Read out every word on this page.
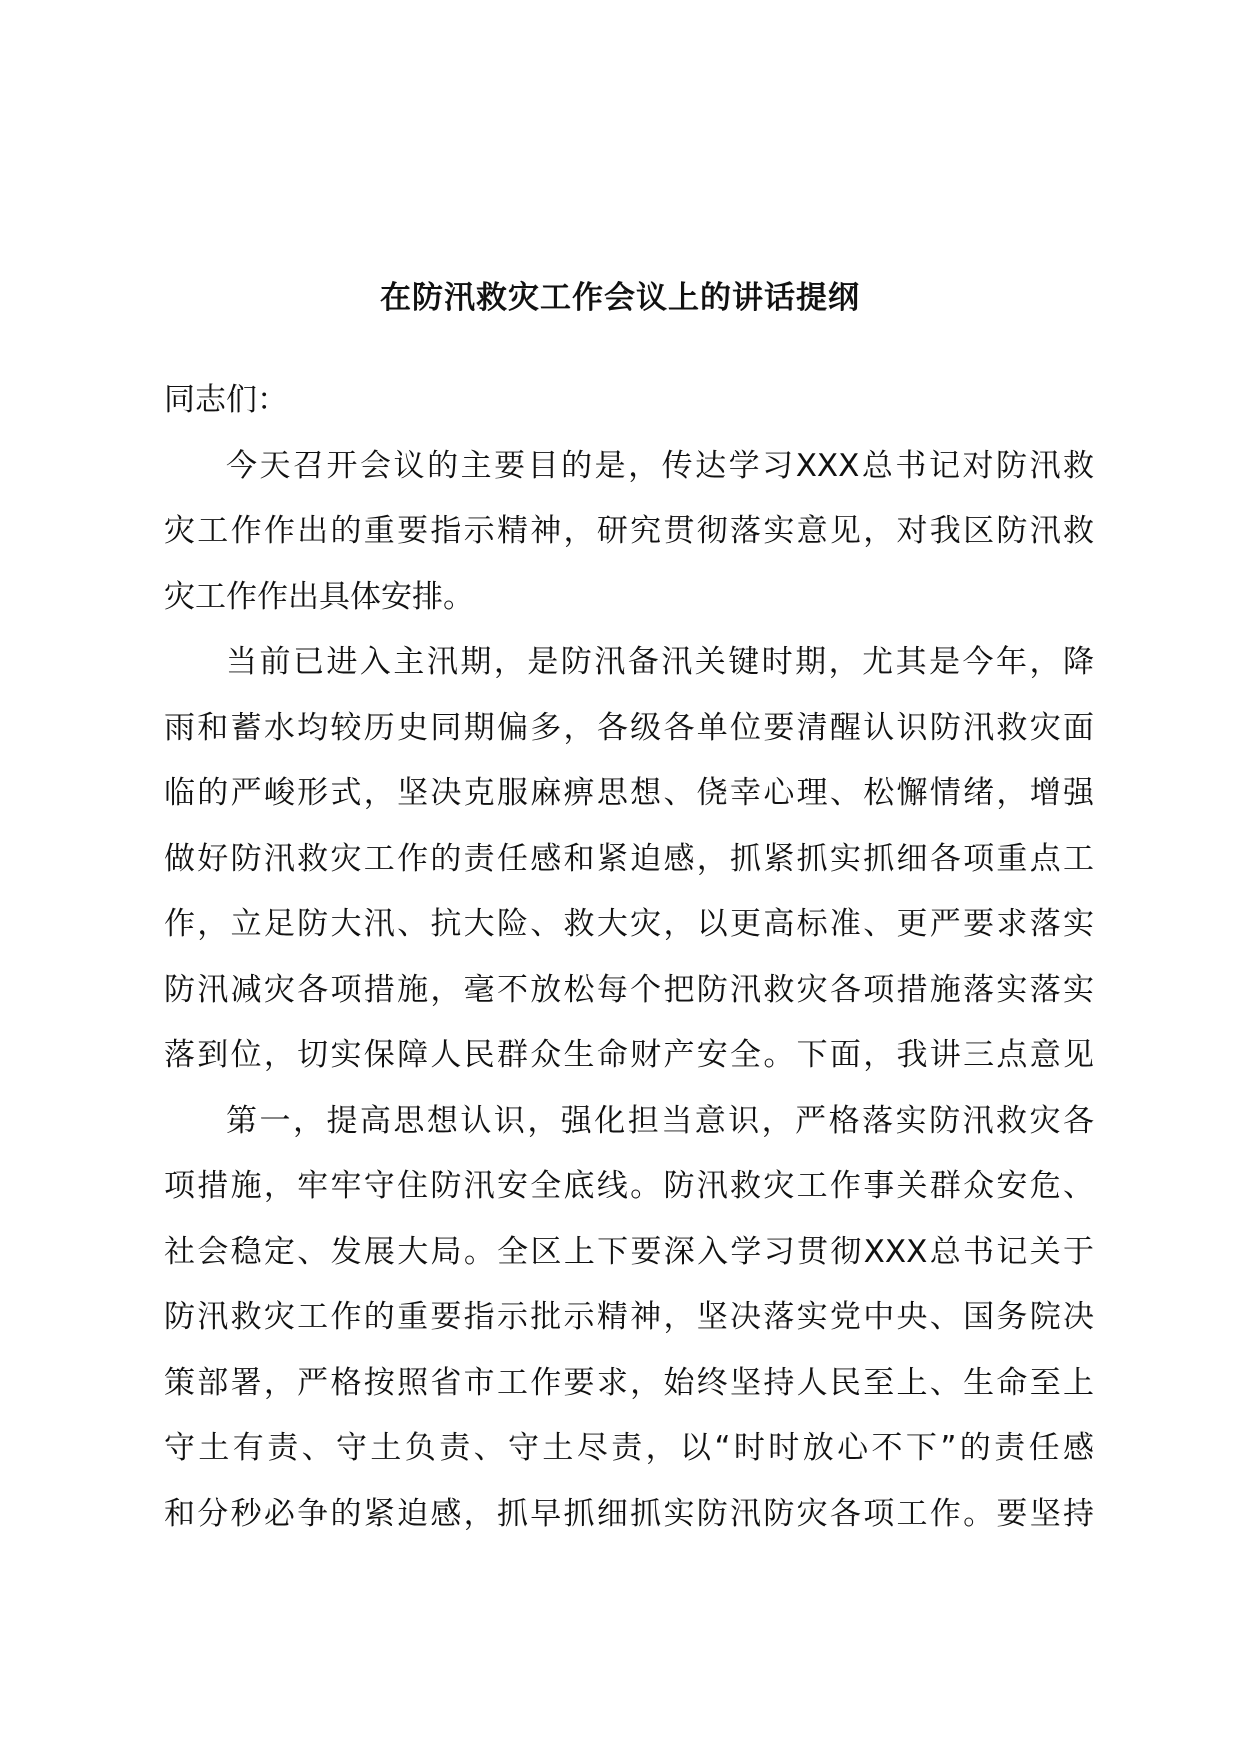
在防汛救灾工作会议上的讲话提纲
同志们：
今天召开会议的主要目的是，传达学习XXX总书记对防汛救
灾工作作出的重要指示精神，研究贯彻落实意见，对我区防汛救
灾工作作出具体安排。
当前已进入主汛期，是防汛备汛关键时期，尤其是今年，降
雨和蓄水均较历史同期偏多，各级各单位要清醒认识防汛救灾面
临的严峻形式，坚决克服麻痹思想、侥幸心理、松懈情绪，增强
做好防汛救灾工作的责任感和紧迫感，抓紧抓实抓细各项重点工
作，立足防大汛、抗大险、救大灾，以更高标准、更严要求落实
防汛减灾各项措施，毫不放松每个把防汛救灾各项措施落实落实
落到位，切实保障人民群众生命财产安全。下面，我讲三点意见
第一，提高思想认识，强化担当意识，严格落实防汛救灾各
项措施，牢牢守住防汛安全底线。防汛救灾工作事关群众安危、
社会稳定、发展大局。全区上下要深入学习贯彻XXX总书记关于
防汛救灾工作的重要指示批示精神，坚决落实党中央、国务院决
策部署，严格按照省市工作要求，始终坚持人民至上、生命至上
守土有责、守土负责、守土尽责，以“时时放心不下”的责任感
和分秒必争的紧迫感，抓早抓细抓实防汛防灾各项工作。要坚持
